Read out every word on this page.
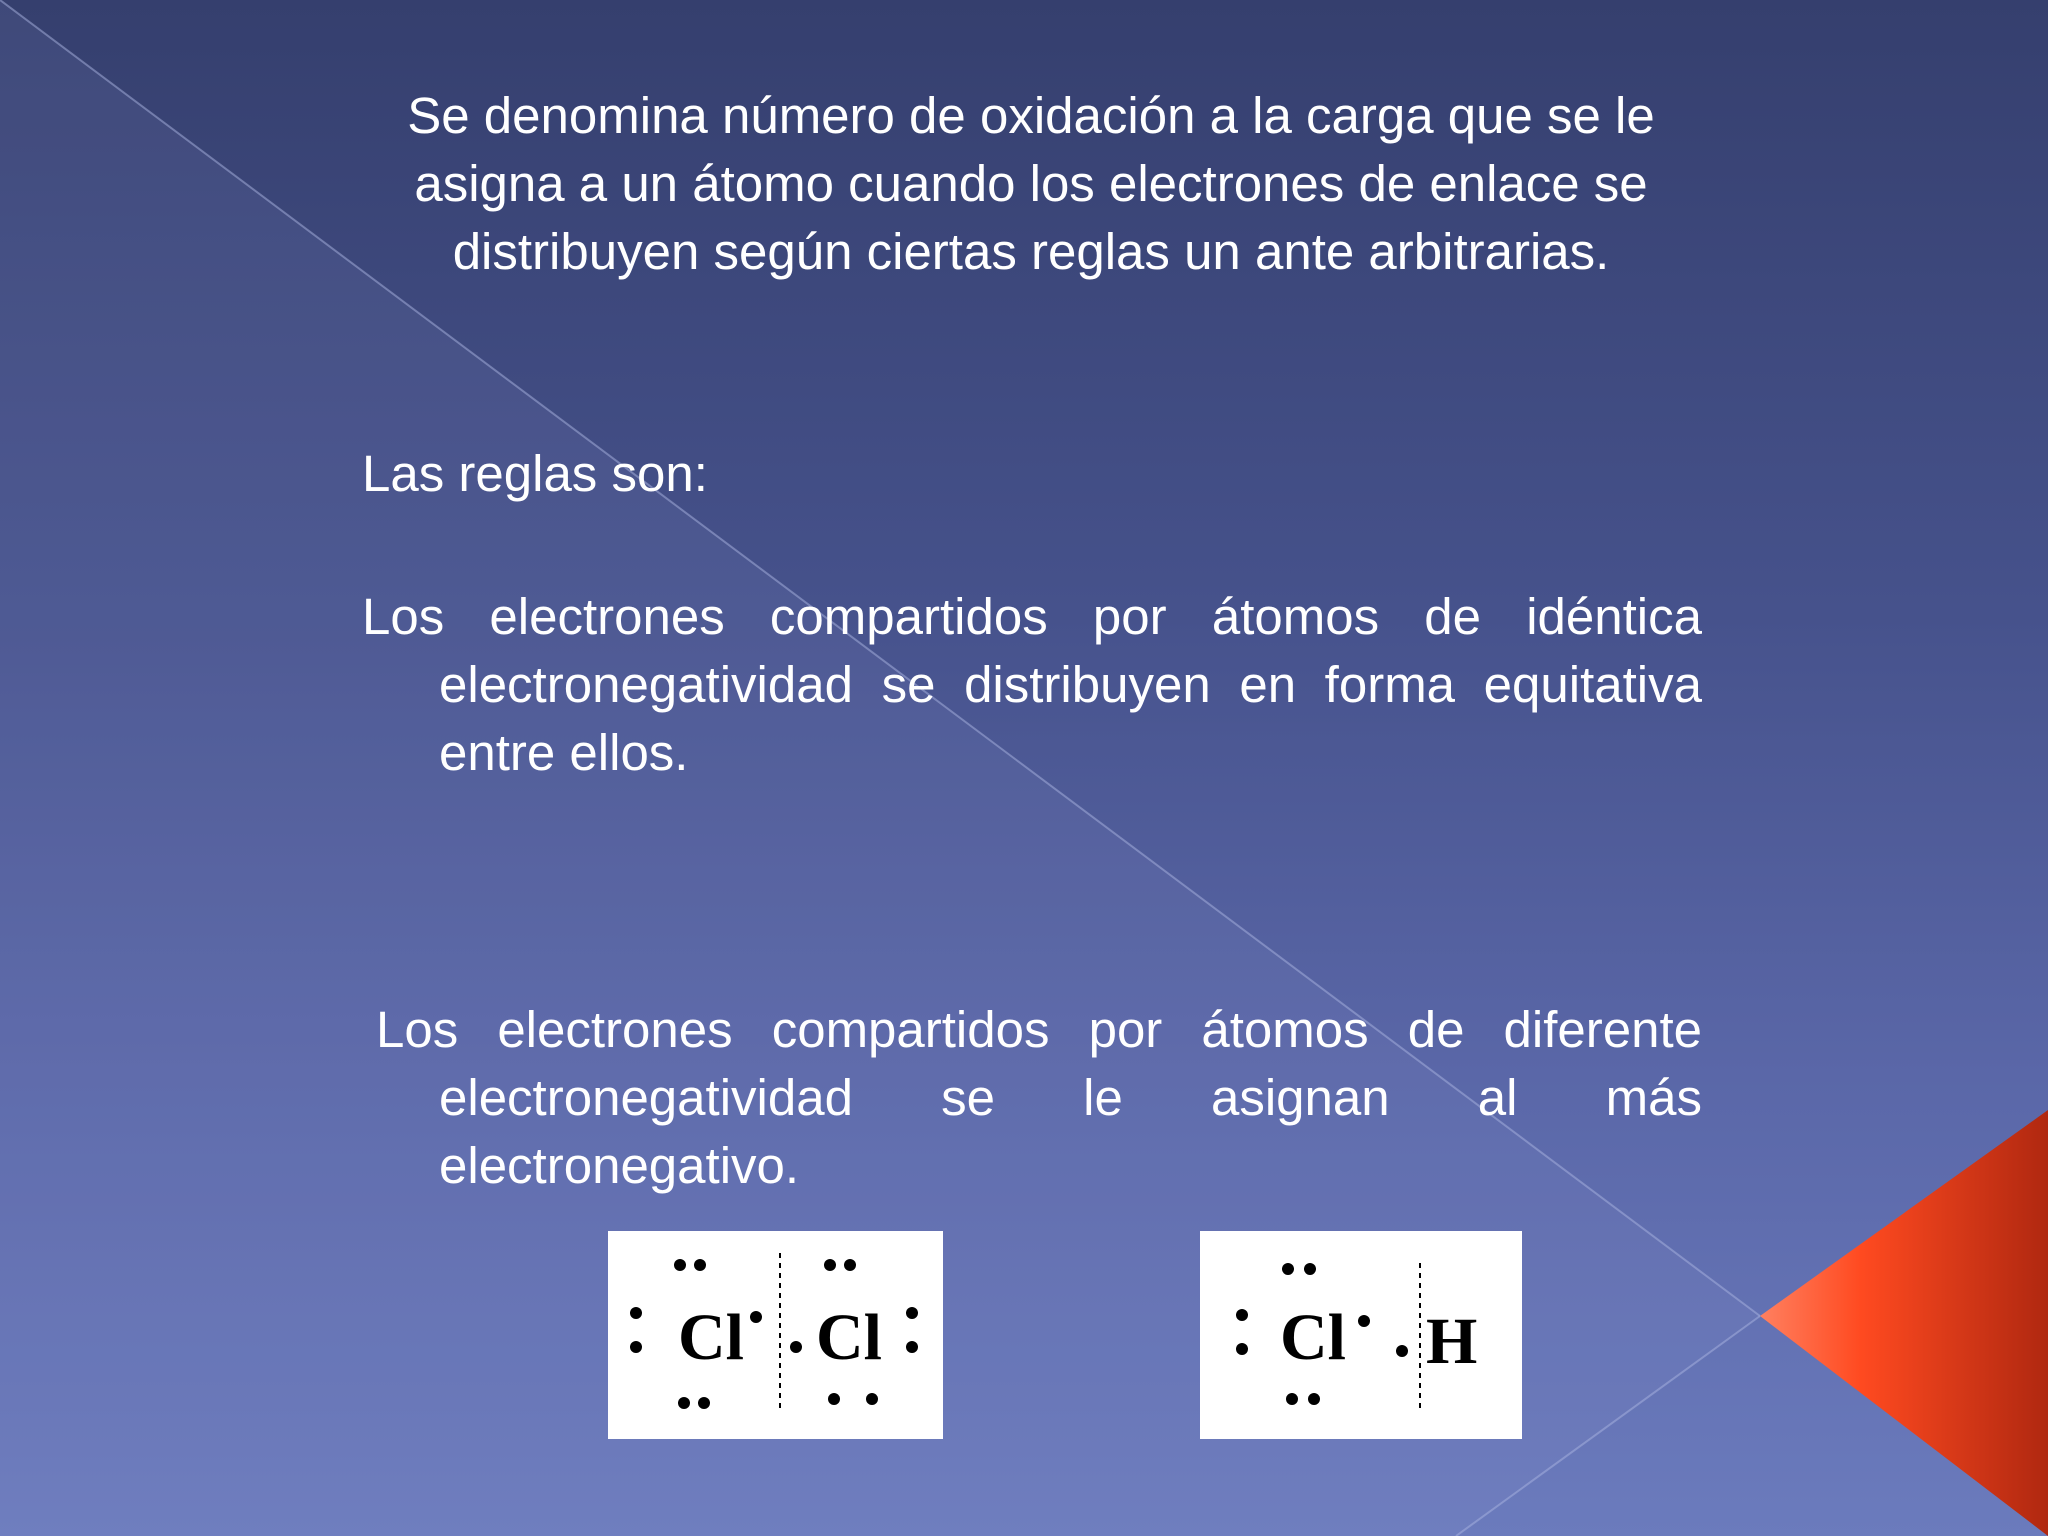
Se denomina número de oxidación a la carga que se le asigna a un átomo cuando los electrones de enlace se distribuyen según ciertas reglas un ante arbitrarias.

Las reglas son:

Los electrones compartidos por átomos de idéntica electronegatividad se distribuyen en forma equitativa entre ellos.

Los electrones compartidos por átomos de diferente electronegatividad se le asignan al más electronegativo.

Cl Cl	Cl H
